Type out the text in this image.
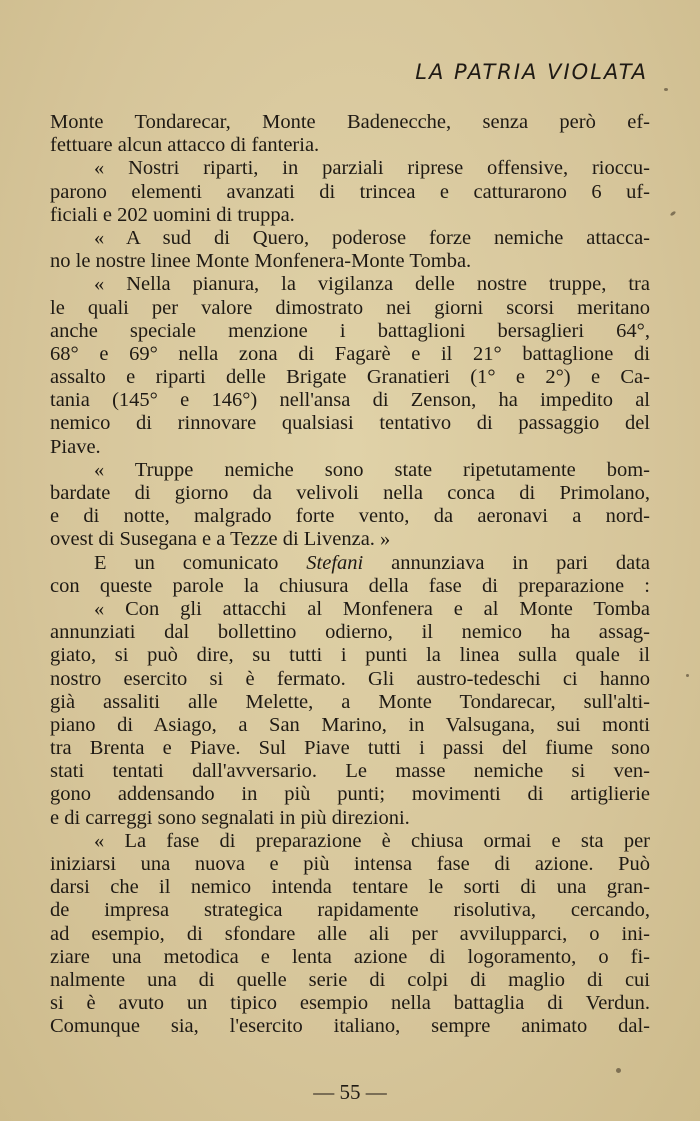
LA PATRIA VIOLATA
Monte Tondarecar, Monte Badenecche, senza però ef-
fettuare alcun attacco di fanteria.
« Nostri riparti, in parziali riprese offensive, rioccu-
parono elementi avanzati di trincea e catturarono 6 uf-
ficiali e 202 uomini di truppa.
« A sud di Quero, poderose forze nemiche attacca-
no le nostre linee Monte Monfenera-Monte Tomba.
« Nella pianura, la vigilanza delle nostre truppe, tra
le quali per valore dimostrato nei giorni scorsi meritano
anche speciale menzione i battaglioni bersaglieri 64°,
68° e 69° nella zona di Fagarè e il 21° battaglione di
assalto e riparti delle Brigate Granatieri (1° e 2°) e Ca-
tania (145° e 146°) nell'ansa di Zenson, ha impedito al
nemico di rinnovare qualsiasi tentativo di passaggio del
Piave.
« Truppe nemiche sono state ripetutamente bom-
bardate di giorno da velivoli nella conca di Primolano,
e di notte, malgrado forte vento, da aeronavi a nord-
ovest di Susegana e a Tezze di Livenza. »
E un comunicato Stefani annunziava in pari data
con queste parole la chiusura della fase di preparazione :
« Con gli attacchi al Monfenera e al Monte Tomba
annunziati dal bollettino odierno, il nemico ha assag-
giato, si può dire, su tutti i punti la linea sulla quale il
nostro esercito si è fermato. Gli austro-tedeschi ci hanno
già assaliti alle Melette, a Monte Tondarecar, sull'alti-
piano di Asiago, a San Marino, in Valsugana, sui monti
tra Brenta e Piave. Sul Piave tutti i passi del fiume sono
stati tentati dall'avversario. Le masse nemiche si ven-
gono addensando in più punti; movimenti di artiglierie
e di carreggi sono segnalati in più direzioni.
« La fase di preparazione è chiusa ormai e sta per
iniziarsi una nuova e più intensa fase di azione. Può
darsi che il nemico intenda tentare le sorti di una gran-
de impresa strategica rapidamente risolutiva, cercando,
ad esempio, di sfondare alle ali per avvilupparci, o ini-
ziare una metodica e lenta azione di logoramento, o fi-
nalmente una di quelle serie di colpi di maglio di cui
si è avuto un tipico esempio nella battaglia di Verdun.
Comunque sia, l'esercito italiano, sempre animato dal-
— 55 —
